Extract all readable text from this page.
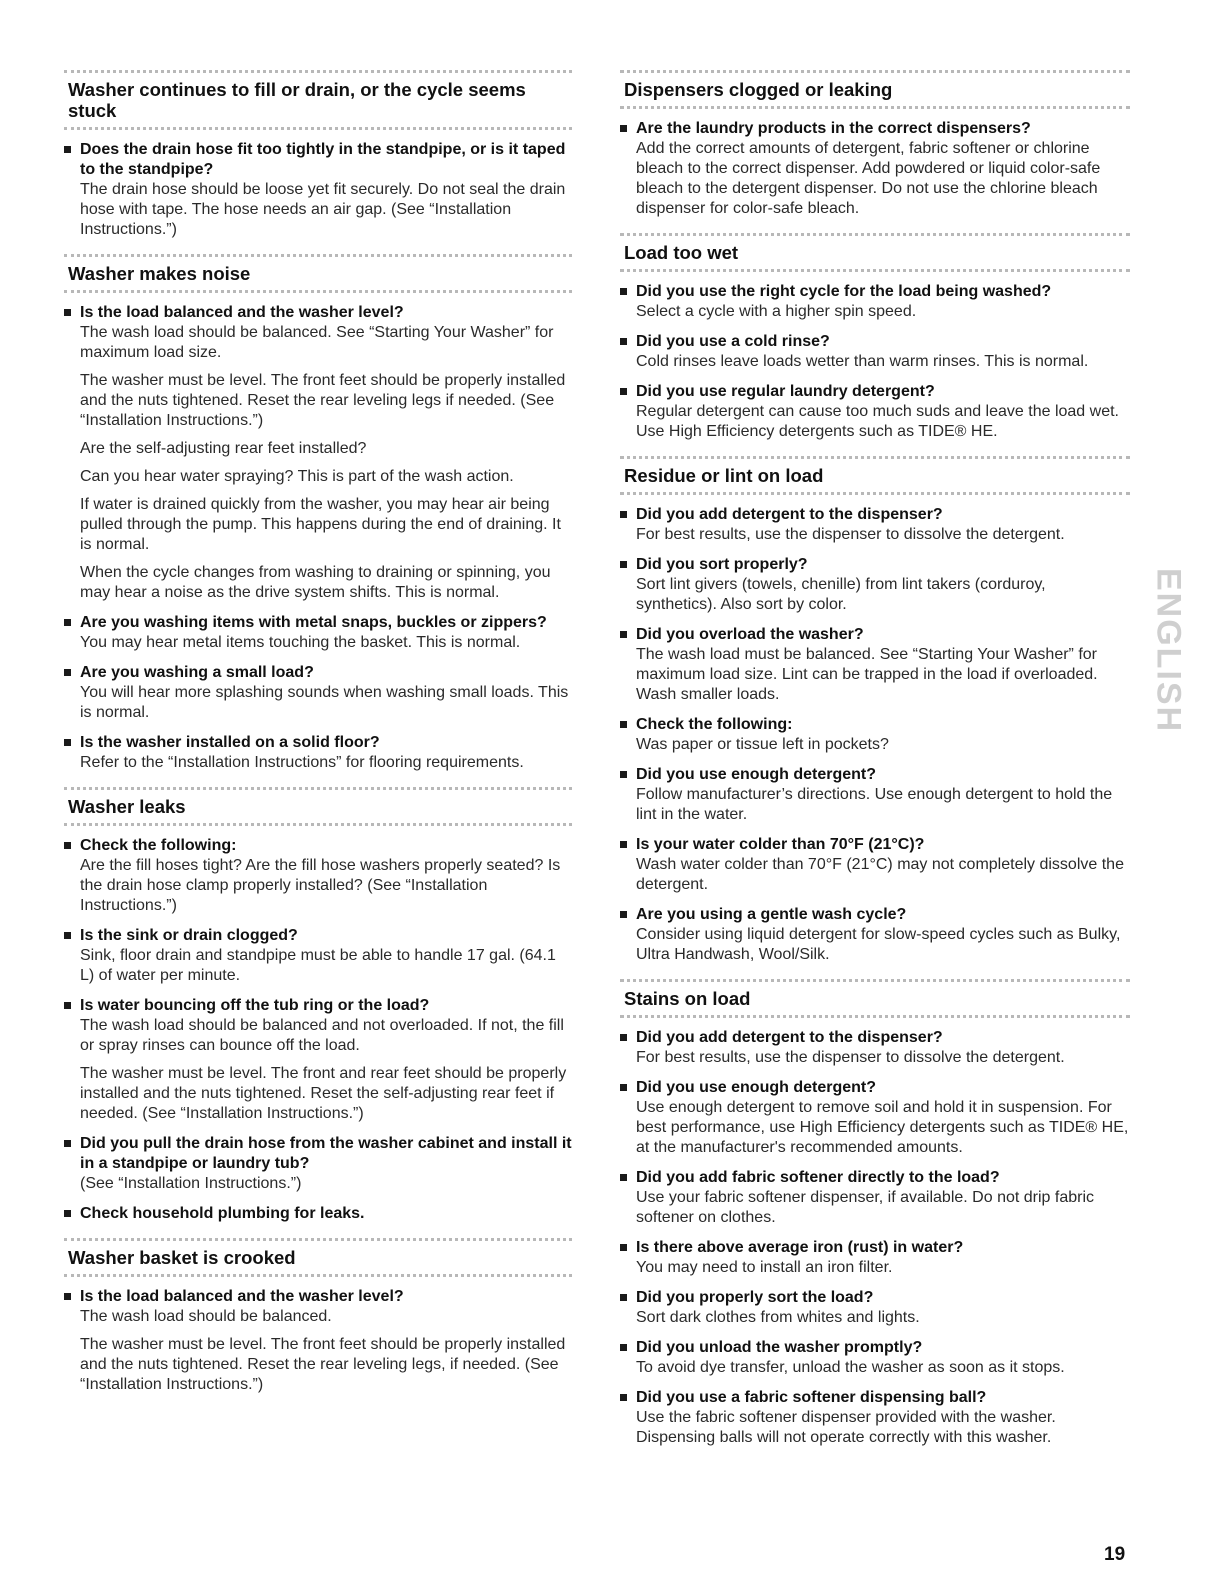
Washer continues to fill or drain, or the cycle seems stuck
Does the drain hose fit too tightly in the standpipe, or is it taped to the standpipe?
The drain hose should be loose yet fit securely. Do not seal the drain hose with tape. The hose needs an air gap. (See “Installation Instructions.”)
Washer makes noise
Is the load balanced and the washer level?
The wash load should be balanced. See “Starting Your Washer” for maximum load size.
The washer must be level. The front feet should be properly installed and the nuts tightened. Reset the rear leveling legs if needed. (See “Installation Instructions.”)
Are the self-adjusting rear feet installed?
Can you hear water spraying? This is part of the wash action.
If water is drained quickly from the washer, you may hear air being pulled through the pump. This happens during the end of draining. It is normal.
When the cycle changes from washing to draining or spinning, you may hear a noise as the drive system shifts. This is normal.
Are you washing items with metal snaps, buckles or zippers?
You may hear metal items touching the basket. This is normal.
Are you washing a small load?
You will hear more splashing sounds when washing small loads. This is normal.
Is the washer installed on a solid floor?
Refer to the “Installation Instructions” for flooring requirements.
Washer leaks
Check the following:
Are the fill hoses tight? Are the fill hose washers properly seated? Is the drain hose clamp properly installed? (See “Installation Instructions.”)
Is the sink or drain clogged?
Sink, floor drain and standpipe must be able to handle 17 gal. (64.1 L) of water per minute.
Is water bouncing off the tub ring or the load?
The wash load should be balanced and not overloaded. If not, the fill or spray rinses can bounce off the load.
The washer must be level. The front and rear feet should be properly installed and the nuts tightened. Reset the self-adjusting rear feet if needed. (See “Installation Instructions.”)
Did you pull the drain hose from the washer cabinet and install it in a standpipe or laundry tub?
(See “Installation Instructions.”)
Check household plumbing for leaks.
Washer basket is crooked
Is the load balanced and the washer level?
The wash load should be balanced.
The washer must be level. The front feet should be properly installed and the nuts tightened. Reset the rear leveling legs, if needed. (See “Installation Instructions.”)
Dispensers clogged or leaking
Are the laundry products in the correct dispensers?
Add the correct amounts of detergent, fabric softener or chlorine bleach to the correct dispenser. Add powdered or liquid color-safe bleach to the detergent dispenser. Do not use the chlorine bleach dispenser for color-safe bleach.
Load too wet
Did you use the right cycle for the load being washed?
Select a cycle with a higher spin speed.
Did you use a cold rinse?
Cold rinses leave loads wetter than warm rinses. This is normal.
Did you use regular laundry detergent?
Regular detergent can cause too much suds and leave the load wet. Use High Efficiency detergents such as TIDE® HE.
Residue or lint on load
Did you add detergent to the dispenser?
For best results, use the dispenser to dissolve the detergent.
Did you sort properly?
Sort lint givers (towels, chenille) from lint takers (corduroy, synthetics). Also sort by color.
Did you overload the washer?
The wash load must be balanced. See “Starting Your Washer” for maximum load size. Lint can be trapped in the load if overloaded. Wash smaller loads.
Check the following:
Was paper or tissue left in pockets?
Did you use enough detergent?
Follow manufacturer’s directions. Use enough detergent to hold the lint in the water.
Is your water colder than 70°F (21°C)?
Wash water colder than 70°F (21°C) may not completely dissolve the detergent.
Are you using a gentle wash cycle?
Consider using liquid detergent for slow-speed cycles such as Bulky, Ultra Handwash, Wool/Silk.
Stains on load
Did you add detergent to the dispenser?
For best results, use the dispenser to dissolve the detergent.
Did you use enough detergent?
Use enough detergent to remove soil and hold it in suspension. For best performance, use High Efficiency detergents such as TIDE® HE, at the manufacturer's recommended amounts.
Did you add fabric softener directly to the load?
Use your fabric softener dispenser, if available. Do not drip fabric softener on clothes.
Is there above average iron (rust) in water?
You may need to install an iron filter.
Did you properly sort the load?
Sort dark clothes from whites and lights.
Did you unload the washer promptly?
To avoid dye transfer, unload the washer as soon as it stops.
Did you use a fabric softener dispensing ball?
Use the fabric softener dispenser provided with the washer. Dispensing balls will not operate correctly with this washer.
ENGLISH
19
